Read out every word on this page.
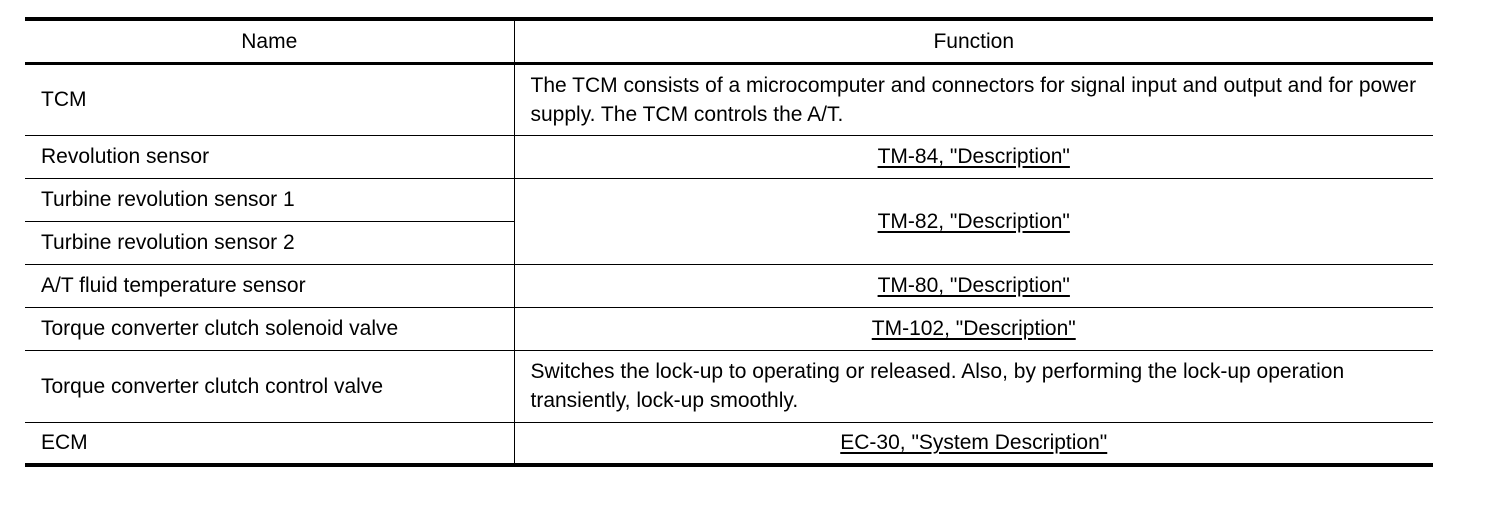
Name	Function
TCM	The TCM consists of a microcomputer and connectors for signal input and output and for power supply. The TCM controls the A/T.
Revolution sensor	TM-84, "Description"
Turbine revolution sensor 1	TM-82, "Description"
Turbine revolution sensor 2	
A/T fluid temperature sensor	TM-80, "Description"
Torque converter clutch solenoid valve	TM-102, "Description"
Torque converter clutch control valve	Switches the lock-up to operating or released. Also, by performing the lock-up operation transiently, lock-up smoothly.
ECM	EC-30, "System Description"
